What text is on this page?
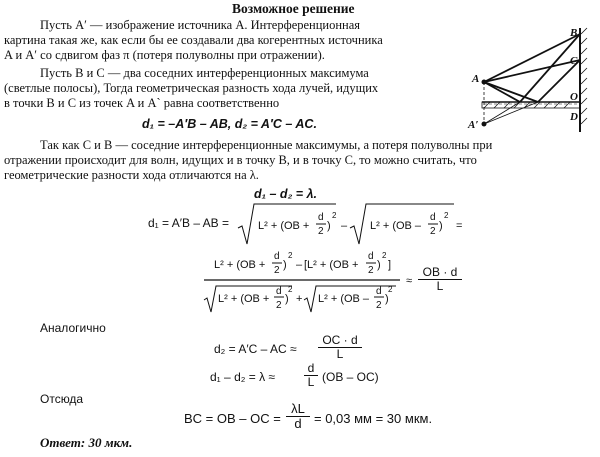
Возможное решение
Пусть A′ — изображение источника A. Интерференционная
картина такая же, как если бы ее создавали два когерентных источника
A и A′ со сдвигом фаз π (потеря полуволны при отражении).
Пусть B и C — два соседних интерференционных максимума
(светлые полосы), Тогда геометрическая разность хода лучей, идущих
в точки B и C из точек A и A` равна соответственно
d₁ = –A′B – AB, d₂ = A′C – AC.
Так как C и B — соседние интерференционные максимумы, а потеря полуволны при
отражении происходит для волн, идущих и в точку B, и в точку C, то можно считать, что
геометрические разности хода отличаются на λ.
d₁ – d₂ = λ.
d₁ = A′B – AB =	L² + (OB +
d
2 )
2
– L² + (OB –
d
2 )
2
=
L² + (OB +
d
2 )
2
– [L² + (OB +
d
2 )
2
]
L² + (OB +
d
2
)
2
+ L² + (OB –
d
2
)
2
≈ $\frac{OB \cdot d}{L}$
Аналогично
d₂ = A′C – AC ≈ $\frac{OC \cdot d}{L}$
$d_1 - d_2 = \lambda \approx \frac{d}{L} (OB - OC)$
Отсюда
BC = OB – OC = $\frac{\lambda L}{d} = 0,03$ мм = 30 мкм.
Ответ: 30 мкм.
B
C
A
O
A′
D
